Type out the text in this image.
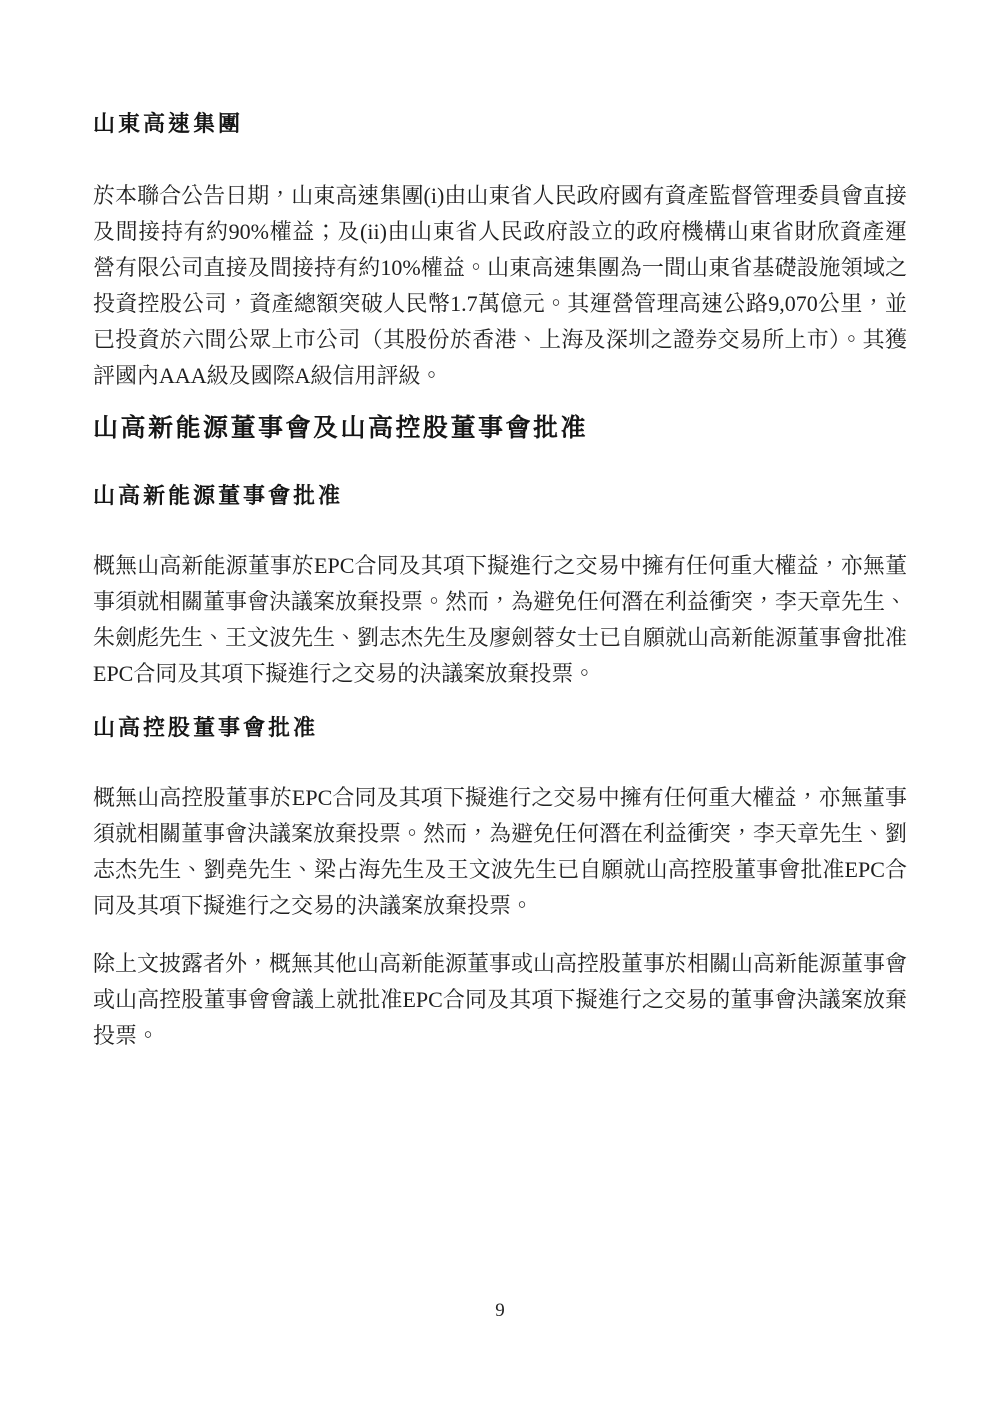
山東高速集團

於本聯合公告日期，山東高速集團(i)由山東省人民政府國有資產監督管理委員會直接及間接持有約90%權益；及(ii)由山東省人民政府設立的政府機構山東省財欣資產運營有限公司直接及間接持有約10%權益。山東高速集團為一間山東省基礎設施領域之投資控股公司，資產總額突破人民幣1.7萬億元。其運營管理高速公路9,070公里，並已投資於六間公眾上市公司（其股份於香港、上海及深圳之證券交易所上市）。其獲評國內AAA級及國際A級信用評級。

山高新能源董事會及山高控股董事會批准
山高新能源董事會批准

概無山高新能源董事於EPC合同及其項下擬進行之交易中擁有任何重大權益，亦無董事須就相關董事會決議案放棄投票。然而，為避免任何潛在利益衝突，李天章先生、朱劍彪先生、王文波先生、劉志杰先生及廖劍蓉女士已自願就山高新能源董事會批准EPC合同及其項下擬進行之交易的決議案放棄投票。

山高控股董事會批准

概無山高控股董事於EPC合同及其項下擬進行之交易中擁有任何重大權益，亦無董事須就相關董事會決議案放棄投票。然而，為避免任何潛在利益衝突，李天章先生、劉志杰先生、劉堯先生、梁占海先生及王文波先生已自願就山高控股董事會批准EPC合同及其項下擬進行之交易的決議案放棄投票。

除上文披露者外，概無其他山高新能源董事或山高控股董事於相關山高新能源董事會或山高控股董事會會議上就批准EPC合同及其項下擬進行之交易的董事會決議案放棄投票。

9
